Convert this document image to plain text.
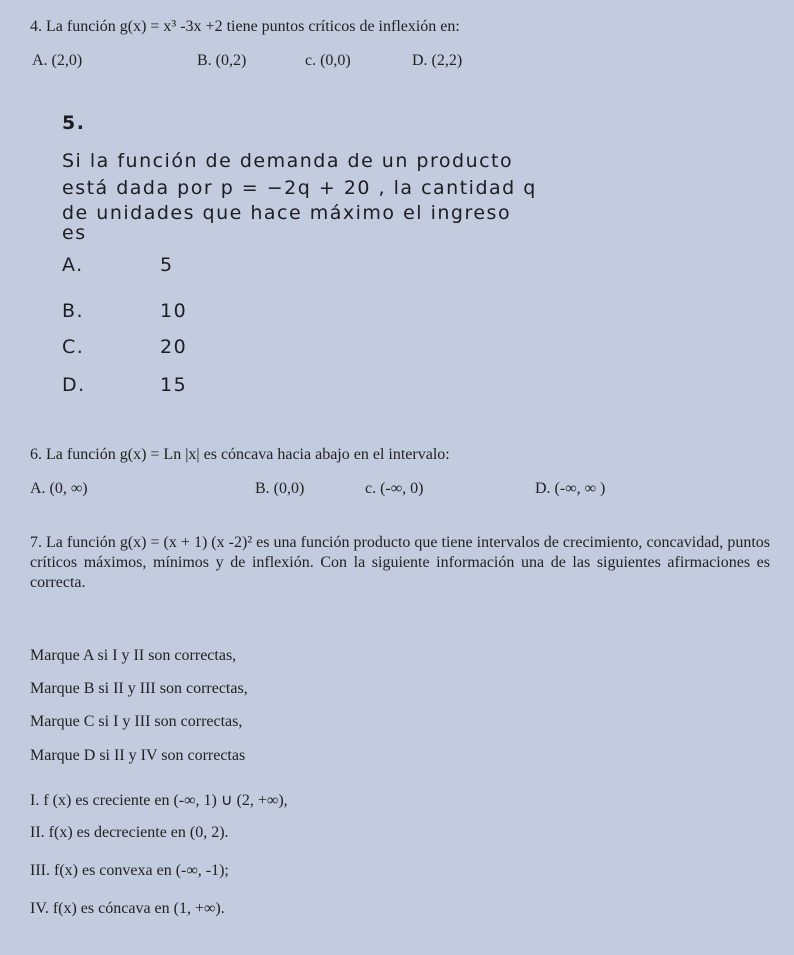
4. La función g(x) = x³ -3x +2 tiene puntos críticos de inflexión en:
A. (2,0)	B. (0,2)	c. (0,0)	D. (2,2)
5.
Si la función de demanda de un producto
está dada por p = −2q + 20 , la cantidad q
de unidades que hace máximo el ingreso
es
A.	5
B.	10
C.	20
D.	15
6. La función g(x) = Ln |x| es cóncava hacia abajo en el intervalo:
A. (0, ∞)	B. (0,0)	c. (-∞, 0)	D. (-∞, ∞ )
7. La función g(x) = (x + 1) (x -2)² es una función producto que tiene intervalos de crecimiento, concavidad, puntos críticos máximos, mínimos y de inflexión. Con la siguiente información una de las siguientes afirmaciones es correcta.
Marque A si I y II son correctas,
Marque B si II y III son correctas,
Marque C si I y III son correctas,
Marque D si II y IV son correctas
I. f (x) es creciente en (-∞, 1) ∪ (2, +∞),
II. f(x) es decreciente en (0, 2).
III. f(x) es convexa en (-∞, -1);
IV. f(x) es cóncava en (1, +∞).
